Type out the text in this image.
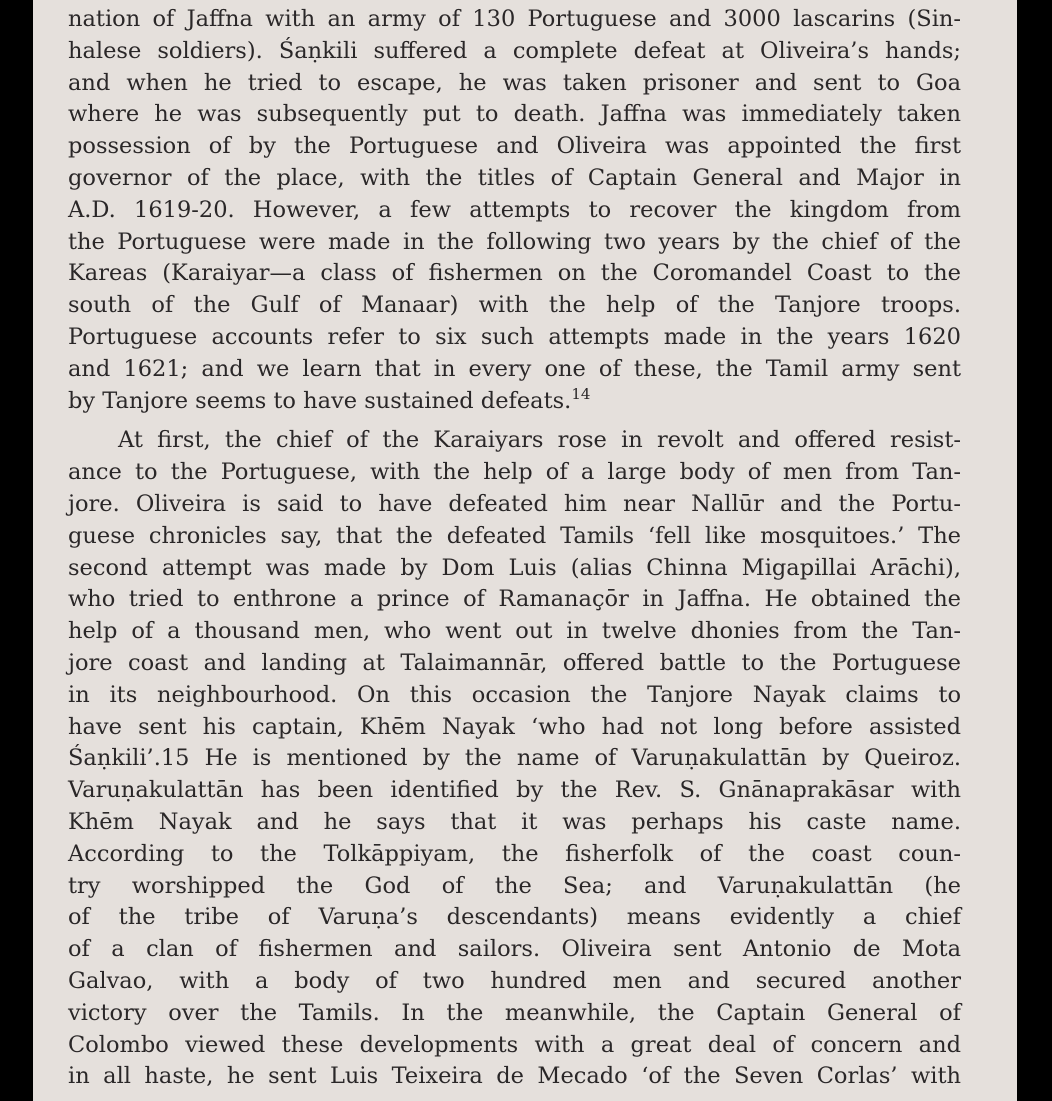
nation of Jaffna with an army of 130 Portuguese and 3000 lascarins (Sin-
halese soldiers). Śaṇkili suffered a complete defeat at Oliveira’s hands;
and when he tried to escape, he was taken prisoner and sent to Goa
where he was subsequently put to death. Jaffna was immediately taken
possession of by the Portuguese and Oliveira was appointed the first
governor of the place, with the titles of Captain General and Major in
A.D. 1619-20. However, a few attempts to recover the kingdom from
the Portuguese were made in the following two years by the chief of the
Kareas (Karaiyar—a class of fishermen on the Coromandel Coast to the
south of the Gulf of Manaar) with the help of the Tanjore troops.
Portuguese accounts refer to six such attempts made in the years 1620
and 1621; and we learn that in every one of these, the Tamil army sent
by Tanjore seems to have sustained defeats.$^{14}$
At first, the chief of the Karaiyars rose in revolt and offered resist-
ance to the Portuguese, with the help of a large body of men from Tan-
jore. Oliveira is said to have defeated him near Nallūr and the Portu-
guese chronicles say, that the defeated Tamils ‘fell like mosquitoes.’ The
second attempt was made by Dom Luis (alias Chinna Migapillai Arāchi),
who tried to enthrone a prince of Ramanaçōr in Jaffna. He obtained the
help of a thousand men, who went out in twelve dhonies from the Tan-
jore coast and landing at Talaimannār, offered battle to the Portuguese
in its neighbourhood. On this occasion the Tanjore Nayak claims to
have sent his captain, Khēm Nayak ‘who had not long before assisted
Śaṇkili’.15 He is mentioned by the name of Varuṇakulattān by Queiroz.
Varuṇakulattān has been identified by the Rev. S. Gnānaprakāsar with
Khēm Nayak and he says that it was perhaps his caste name.
According to the Tolkāppiyam, the fisherfolk of the coast coun-
try worshipped the God of the Sea; and Varuṇakulattān (he
of the tribe of Varuṇa’s descendants) means evidently a chief
of a clan of fishermen and sailors. Oliveira sent Antonio de Mota
Galvao, with a body of two hundred men and secured another
victory over the Tamils. In the meanwhile, the Captain General of
Colombo viewed these developments with a great deal of concern and
in all haste, he sent Luis Teixeira de Mecado ‘of the Seven Corlas’ with
